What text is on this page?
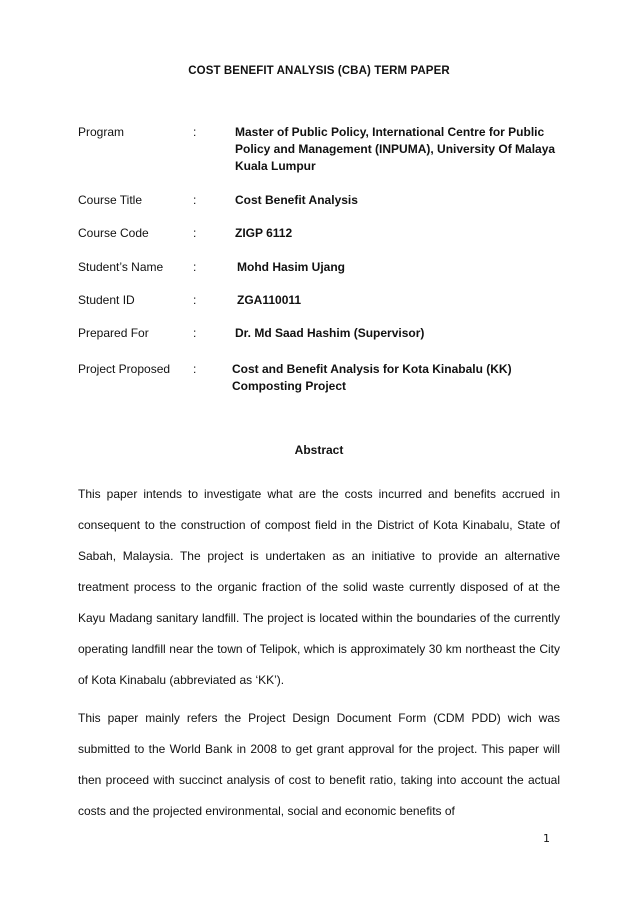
COST BENEFIT ANALYSIS (CBA) TERM PAPER
Program	:	Master of Public Policy, International Centre for Public Policy and Management (INPUMA), University Of Malaya Kuala Lumpur
Course Title	:	Cost Benefit Analysis
Course Code	:	ZIGP 6112
Student’s Name	:	Mohd Hasim Ujang
Student ID	:	ZGA110011
Prepared For	:	Dr. Md Saad Hashim (Supervisor)
Project Proposed	:	Cost and Benefit Analysis for Kota Kinabalu (KK) Composting Project
Abstract

This paper intends to investigate what are the costs incurred and benefits accrued in consequent to the construction of compost field in the District of Kota Kinabalu, State of Sabah, Malaysia. The project is undertaken as an initiative to provide an alternative treatment process to the organic fraction of the solid waste currently disposed of at the Kayu Madang sanitary landfill. The project is located within the boundaries of the currently operating landfill near the town of Telipok, which is approximately 30 km northeast the City of Kota Kinabalu (abbreviated as ‘KK’).

This paper mainly refers the Project Design Document Form (CDM PDD) wich was submitted to the World Bank in 2008 to get grant approval for the project. This paper will then proceed with succinct analysis of cost to benefit ratio, taking into account the actual costs and the projected environmental, social and economic benefits of

1
